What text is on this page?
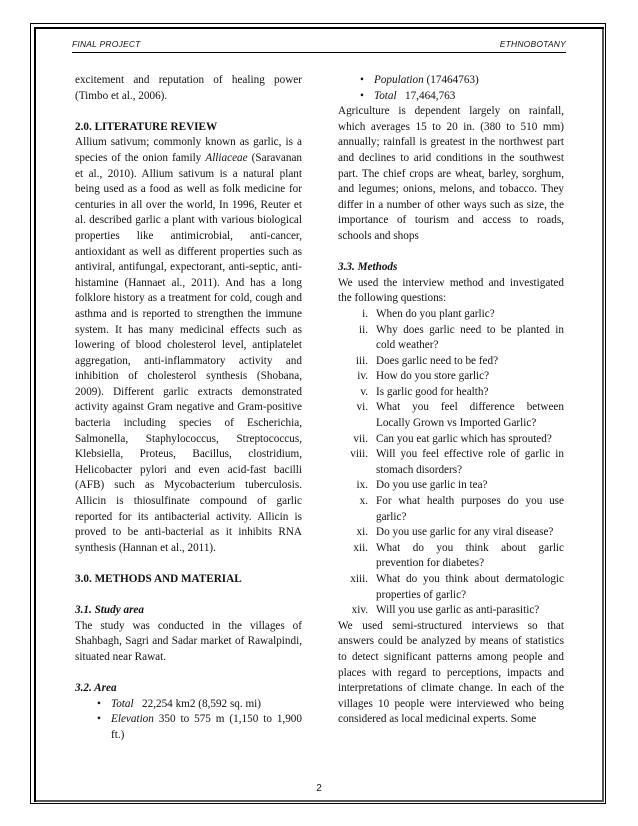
FINAL PROJECT	ETHNOBOTANY

excitement and reputation of healing power (Timbo et al., 2006).

2.0. LITERATURE REVIEW

Allium sativum; commonly known as garlic, is a species of the onion family Alliaceae (Saravanan et al., 2010). Allium sativum is a natural plant being used as a food as well as folk medicine for centuries in all over the world, In 1996, Reuter et al. described garlic a plant with various biological properties like antimicrobial, anti-cancer, antioxidant as well as different properties such as antiviral, antifungal, expectorant, anti-septic, anti-histamine (Hannaet al., 2011). And has a long folklore history as a treatment for cold, cough and asthma and is reported to strengthen the immune system. It has many medicinal effects such as lowering of blood cholesterol level, antiplatelet aggregation, anti-inflammatory activity and inhibition of cholesterol synthesis (Shobana, 2009). Different garlic extracts demonstrated activity against Gram negative and Gram-positive bacteria including species of Escherichia, Salmonella, Staphylococcus, Streptococcus, Klebsiella, Proteus, Bacillus, clostridium, Helicobacter pylori and even acid-fast bacilli (AFB) such as Mycobacterium tuberculosis. Allicin is thiosulfinate compound of garlic reported for its antibacterial activity. Allicin is proved to be anti-bacterial as it inhibits RNA synthesis (Hannan et al., 2011).

3.0. METHODS AND MATERIAL

3.1. Study area

The study was conducted in the villages of Shahbagh, Sagri and Sadar market of Rawalpindi, situated near Rawat.

3.2. Area

• Total 22,254 km2 (8,592 sq. mi)
• Elevation 350 to 575 m (1,150 to 1,900 ft.)
• Population (17464763)
• Total 17,464,763

Agriculture is dependent largely on rainfall, which averages 15 to 20 in. (380 to 510 mm) annually; rainfall is greatest in the northwest part and declines to arid conditions in the southwest part. The chief crops are wheat, barley, sorghum, and legumes; onions, melons, and tobacco. They differ in a number of other ways such as size, the importance of tourism and access to roads, schools and shops

3.3. Methods

We used the interview method and investigated the following questions:

i. When do you plant garlic?
ii. Why does garlic need to be planted in cold weather?
iii. Does garlic need to be fed?
iv. How do you store garlic?
v. Is garlic good for health?
vi. What you feel difference between Locally Grown vs Imported Garlic?
vii. Can you eat garlic which has sprouted?
viii. Will you feel effective role of garlic in stomach disorders?
ix. Do you use garlic in tea?
x. For what health purposes do you use garlic?
xi. Do you use garlic for any viral disease?
xii. What do you think about garlic prevention for diabetes?
xiii. What do you think about dermatologic properties of garlic?
xiv. Will you use garlic as anti-parasitic?

We used semi-structured interviews so that answers could be analyzed by means of statistics to detect significant patterns among people and places with regard to perceptions, impacts and interpretations of climate change. In each of the villages 10 people were interviewed who being considered as local medicinal experts. Some

2
